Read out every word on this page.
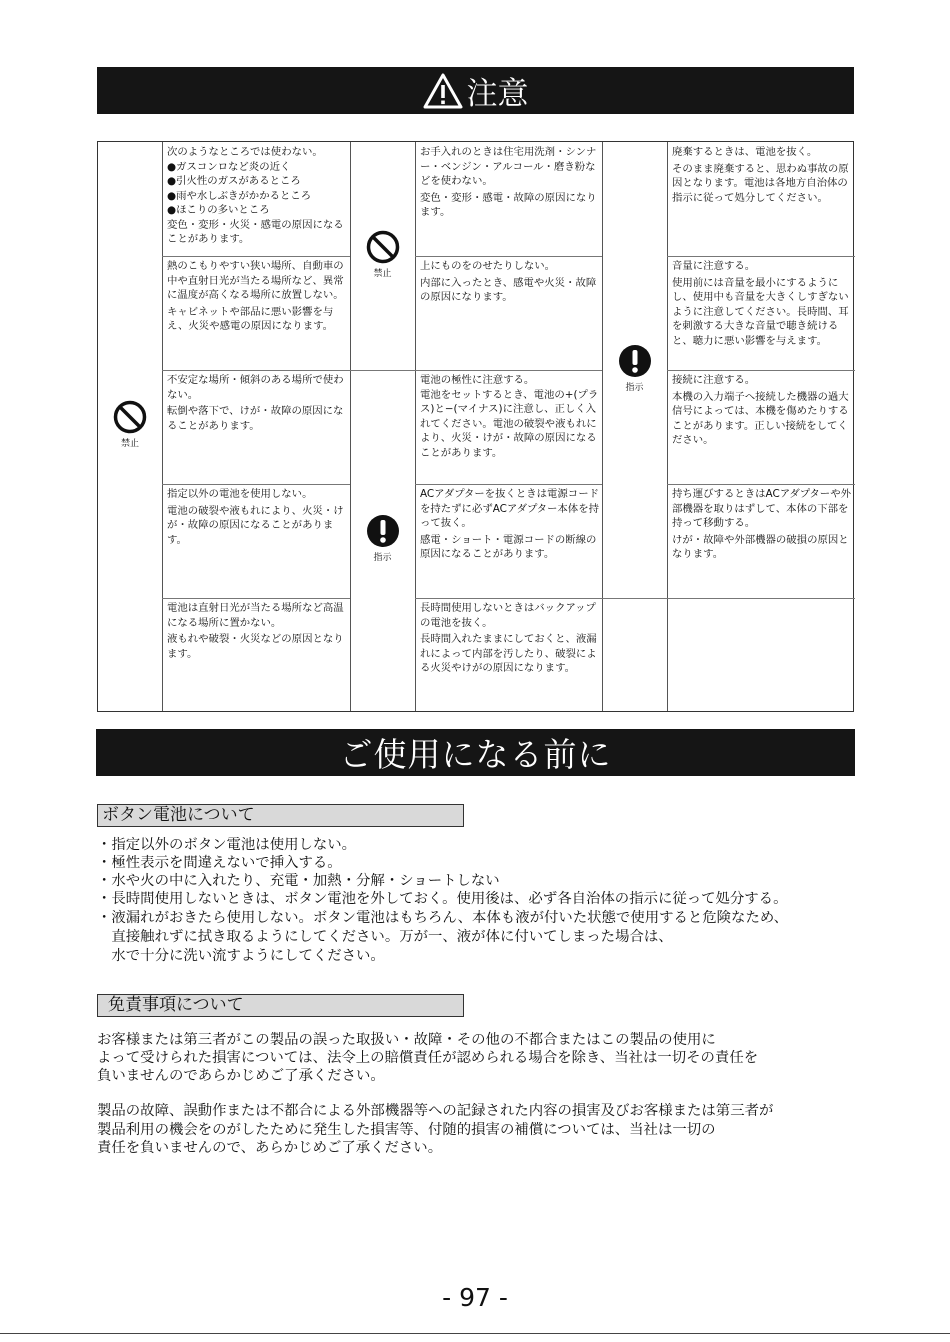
注意
禁止
禁止
指示
指示

次のようなところでは使わない。

●ガスコンロなど炎の近く

●引火性のガスがあるところ

●雨や水しぶきがかかるところ

●ほこりの多いところ

変色・変形・火災・感電の原因になることがあります。

熱のこもりやすい狭い場所、自動車の中や直射日光が当たる場所など、異常に温度が高くなる場所に放置しない。

キャビネットや部品に悪い影響を与え、火災や感電の原因になります。

不安定な場所・傾斜のある場所で使わない。

転倒や落下で、けが・故障の原因になることがあります。

指定以外の電池を使用しない。

電池の破裂や液もれにより、火災・けが・故障の原因になることがあります。

電池は直射日光が当たる場所など高温になる場所に置かない。

液もれや破裂・火災などの原因となります。

お手入れのときは住宅用洗剤・シンナー・ベンジン・アルコール・磨き粉などを使わない。

変色・変形・感電・故障の原因になります。

上にものをのせたりしない。

内部に入ったとき、感電や火災・故障の原因になります。

電池の極性に注意する。

電池をセットするとき、電池の+(プラス)と−(マイナス)に注意し、正しく入れてください。電池の破裂や液もれにより、火災・けが・故障の原因になることがあります。

ACアダプターを抜くときは電源コードを持たずに必ずACアダプター本体を持って抜く。

感電・ショート・電源コードの断線の原因になることがあります。

長時間使用しないときはバックアップの電池を抜く。

長時間入れたままにしておくと、液漏れによって内部を汚したり、破裂による火災やけがの原因になります。

廃棄するときは、電池を抜く。

そのまま廃棄すると、思わぬ事故の原因となります。電池は各地方自治体の指示に従って処分してください。

音量に注意する。

使用前には音量を最小にするようにし、使用中も音量を大きくしすぎないように注意してください。長時間、耳を刺激する大きな音量で聴き続けると、聴力に悪い影響を与えます。

接続に注意する。

本機の入力端子へ接続した機器の過大信号によっては、本機を傷めたりすることがあります。正しい接続をしてください。

持ち運びするときはACアダプターや外部機器を取りはずして、本体の下部を持って移動する。

けが・故障や外部機器の破損の原因となります。

ご使用になる前に
ボタン電池について
・指定以外のボタン電池は使用しない。
・極性表示を間違えないで挿入する。
・水や火の中に入れたり、充電・加熱・分解・ショートしない
・長時間使用しないときは、ボタン電池を外しておく。使用後は、必ず各自治体の指示に従って処分する。
・液漏れがおきたら使用しない。ボタン電池はもちろん、本体も液が付いた状態で使用すると危険なため、
　直接触れずに拭き取るようにしてください。万が一、液が体に付いてしまった場合は、
　水で十分に洗い流すようにしてください。
免責事項について
お客様または第三者がこの製品の誤った取扱い・故障・その他の不都合またはこの製品の使用に
よって受けられた損害については、法令上の賠償責任が認められる場合を除き、当社は一切その責任を
負いませんのであらかじめご了承ください。
製品の故障、誤動作または不都合による外部機器等への記録された内容の損害及びお客様または第三者が
製品利用の機会をのがしたために発生した損害等、付随的損害の補償については、当社は一切の
責任を負いませんので、あらかじめご了承ください。
- 97 -
